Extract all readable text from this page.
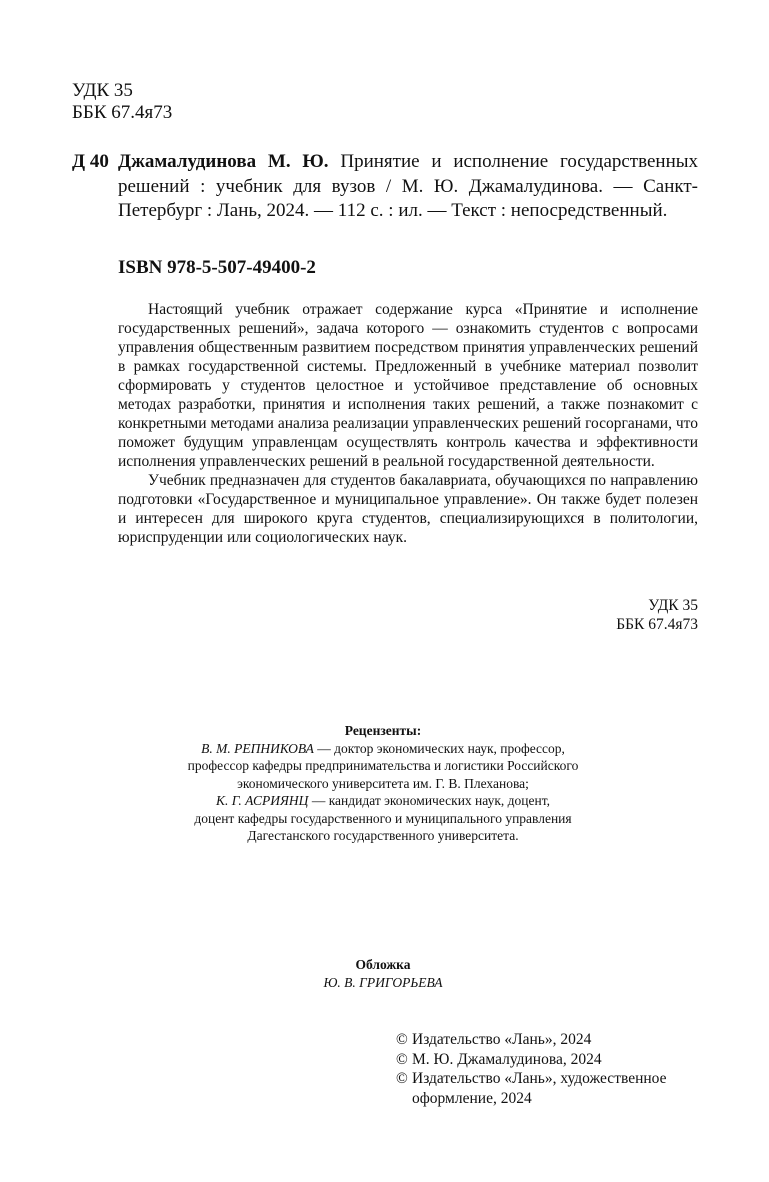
УДК 35
ББК 67.4я73
Д 40 Джамалудинова М. Ю. Принятие и исполнение государственных решений : учебник для вузов / М. Ю. Джамалудинова. — Санкт-Петербург : Лань, 2024. — 112 с. : ил. — Текст : непосредственный.
ISBN 978-5-507-49400-2

Настоящий учебник отражает содержание курса «Принятие и исполнение государственных решений», задача которого — ознакомить студентов с вопросами управления общественным развитием посредством принятия управленческих решений в рамках государственной системы. Предложенный в учебнике материал позволит сформировать у студентов целостное и устойчивое представление об основных методах разработки, принятия и исполнения таких решений, а также познакомит с конкретными методами анализа реализации управленческих решений госорганами, что поможет будущим управленцам осуществлять контроль качества и эффективности исполнения управленческих решений в реальной государственной деятельности.

Учебник предназначен для студентов бакалавриата, обучающихся по направлению подготовки «Государственное и муниципальное управление». Он также будет полезен и интересен для широкого круга студентов, специализирующихся в политологии, юриспруденции или социологических наук.

УДК 35
ББК 67.4я73
Рецензенты:
В. М. РЕПНИКОВА — доктор экономических наук, профессор,
профессор кафедры предпринимательства и логистики Российского
экономического университета им. Г. В. Плеханова;
К. Г. АСРИЯНЦ — кандидат экономических наук, доцент,
доцент кафедры государственного и муниципального управления
Дагестанского государственного университета.
Обложка
Ю. В. ГРИГОРЬЕВА
© Издательство «Лань», 2024
© М. Ю. Джамалудинова, 2024
© Издательство «Лань», художественное
оформление, 2024
